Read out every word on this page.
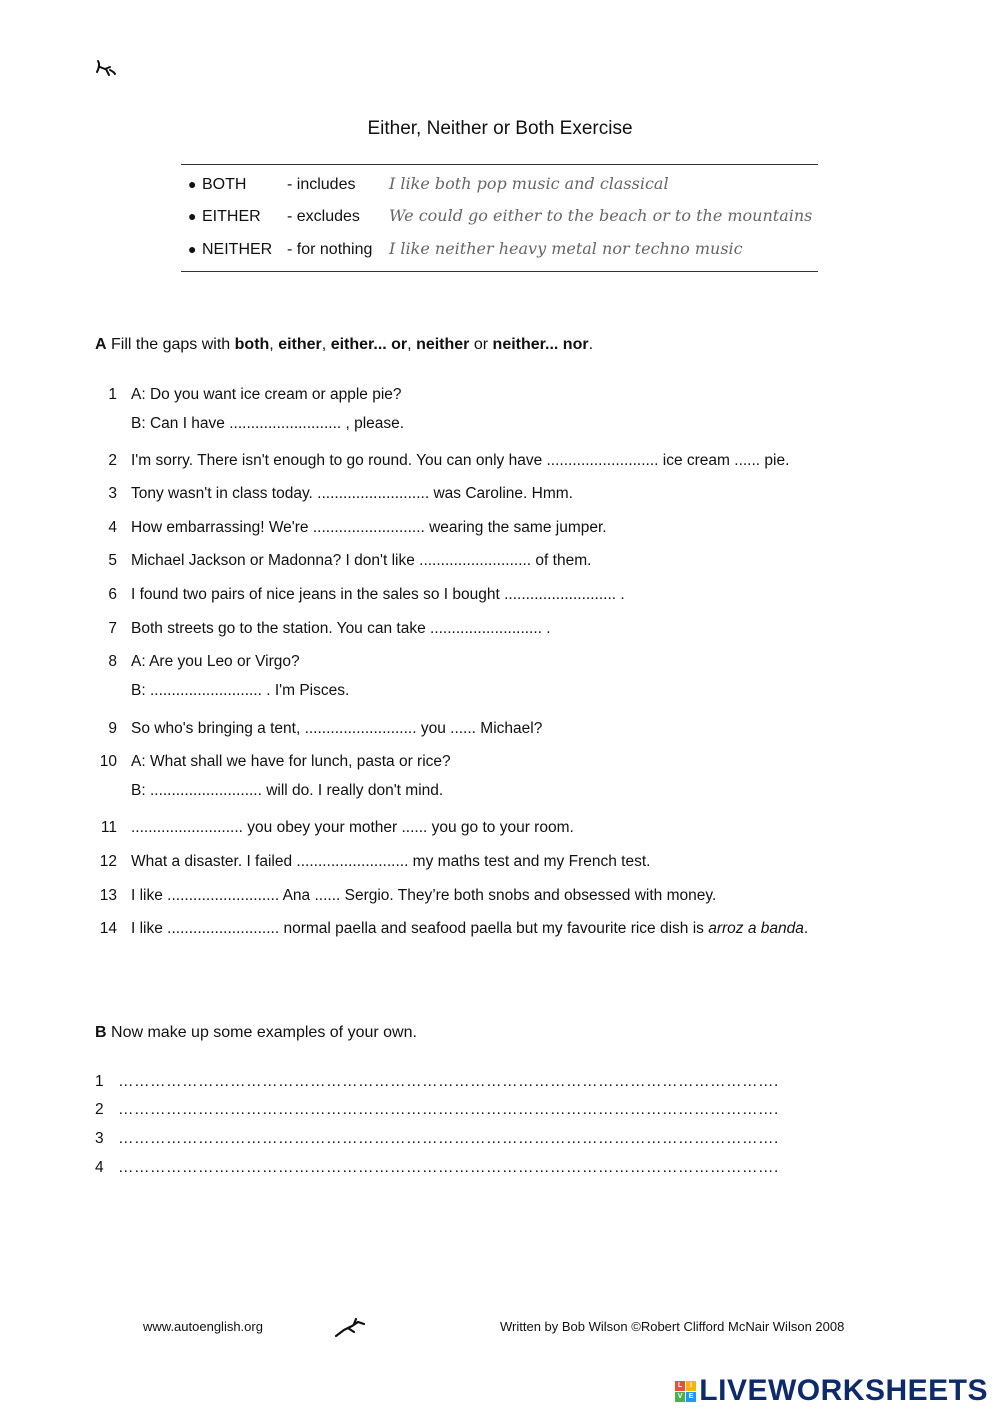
Either, Neither or Both Exercise
● BOTH	- includes I like both pop music and classical
● EITHER - excludes We could go either to the beach or to the mountains
● NEITHER - for nothing I like neither heavy metal nor techno music
A Fill the gaps with both, either, either... or, neither or neither... nor.
1 A: Do you want ice cream or apple pie?
B: Can I have .......................... , please.
2 I'm sorry. There isn't enough to go round. You can only have .......................... ice cream ...... pie.
3 Tony wasn't in class today. .......................... was Caroline. Hmm.
4 How embarrassing! We're .......................... wearing the same jumper.
5 Michael Jackson or Madonna? I don't like .......................... of them.
6 I found two pairs of nice jeans in the sales so I bought .......................... .
7 Both streets go to the station. You can take .......................... .
8 A: Are you Leo or Virgo?
B: .......................... . I'm Pisces.
9 So who's bringing a tent, .......................... you ...... Michael?
10 A: What shall we have for lunch, pasta or rice?
B: .......................... will do. I really don't mind.
11 .......................... you obey your mother ...... you go to your room.
12 What a disaster. I failed .......................... my maths test and my French test.
13 I like .......................... Ana ...... Sergio. They’re both snobs and obsessed with money.
14 I like .......................... normal paella and seafood paella but my favourite rice dish is arroz a banda.
B Now make up some examples of your own.
1 …………………………………………………………………………………………………………….
2 …………………………………………………………………………………………………………….
3 …………………………………………………………………………………………………………….
4 …………………………………………………………………………………………………………….
www.autoenglish.org	Written by Bob Wilson ©Robert Clifford McNair Wilson 2008
L	I
V E LIVEWORKSHEETS
